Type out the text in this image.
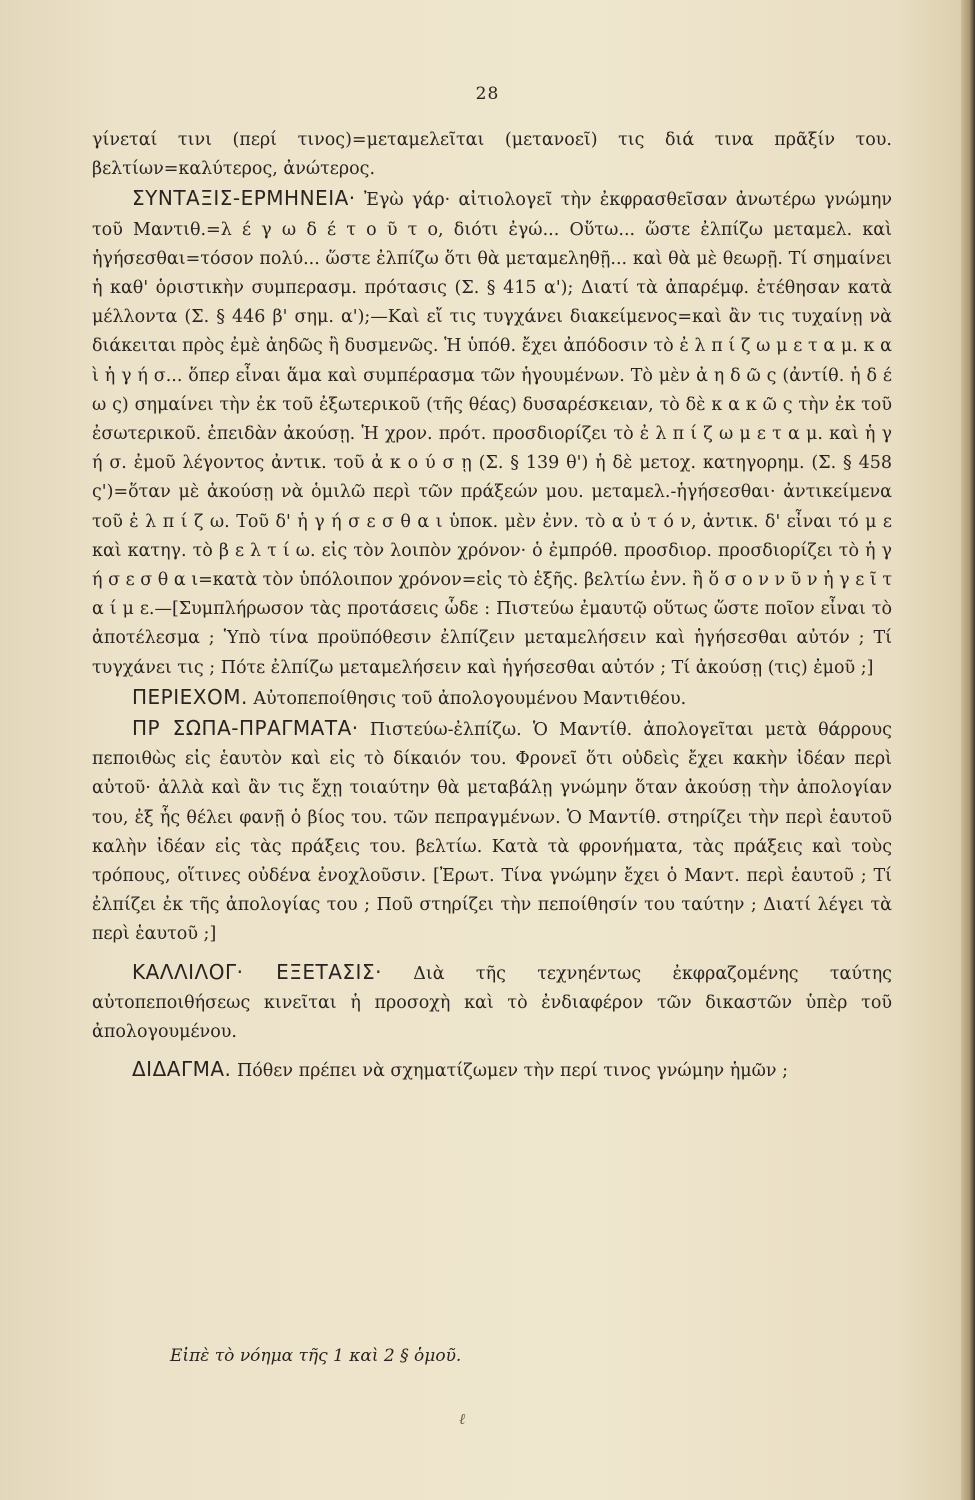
28

γίνεταί τινι (περί τινος)=μεταμελεῖται (μετανοεῖ) τις διά τινα πρᾶξίν του. βελτίων=καλύτερος, ἀνώτερος.

ΣΥΝΤΑΞΙΣ-ΕΡΜΗΝΕΙΑ· Ἐγὼ γάρ· αἰτιολογεῖ τὴν ἐκφρασθεῖσαν ἀνωτέρω γνώμην τοῦ Μαντιθ.=λ έ γ ω δ έ τ ο ῦ τ ο, διότι ἐγώ... Οὕτω... ὥστε ἐλπίζω μεταμελ. καὶ ἡγήσεσθαι=τόσον πολύ... ὥστε ἐλπίζω ὅτι θὰ μεταμεληθῇ... καὶ θὰ μὲ θεωρῇ. Τί σημαίνει ἡ καθ' ὁριστικὴν συμπερασμ. πρότασις (Σ. § 415 α'); Διατί τὰ ἀπαρέμφ. ἐτέθησαν κατὰ μέλλοντα (Σ. § 446 β' σημ. α');—Καὶ εἴ τις τυγχάνει διακείμενος=καὶ ἂν τις τυχαίνῃ νὰ διάκειται πρὸς ἐμὲ ἀηδῶς ἢ δυσμενῶς. Ἡ ὑπόθ. ἔχει ἀπόδοσιν τὸ ἐ λ π ί ζ ω μ ε τ α μ. κ α ὶ ἡ γ ή σ... ὅπερ εἶναι ἅμα καὶ συμπέρασμα τῶν ἡγουμένων. Τὸ μὲν ἀ η δ ῶ ς (ἀντίθ. ἡ δ έ ω ς) σημαίνει τὴν ἐκ τοῦ ἐξωτερικοῦ (τῆς θέας) δυσαρέσκειαν, τὸ δὲ κ α κ ῶ ς τὴν ἐκ τοῦ ἐσωτερικοῦ. ἐπειδὰν ἀκούσῃ. Ἡ χρον. πρότ. προσδιορίζει τὸ ἐ λ π ί ζ ω μ ε τ α μ. καὶ ἡ γ ή σ. ἐμοῦ λέγοντος ἀντικ. τοῦ ἀ κ ο ύ σ ῃ (Σ. § 139 θ') ἡ δὲ μετοχ. κατηγορημ. (Σ. § 458 ς')=ὅταν μὲ ἀκούσῃ νὰ ὁμιλῶ περὶ τῶν πράξεών μου. μεταμελ.-ἡγήσεσθαι· ἀντικείμενα τοῦ ἐ λ π ί ζ ω. Τοῦ δ' ἡ γ ή σ ε σ θ α ι ὑποκ. μὲν ἐνν. τὸ α ὐ τ ό ν, ἀντικ. δ' εἶναι τό μ ε καὶ κατηγ. τὸ β ε λ τ ί ω. εἰς τὸν λοιπὸν χρόνον· ὁ ἐμπρόθ. προσδιορ. προσδιορίζει τὸ ἡ γ ή σ ε σ θ α ι=κατὰ τὸν ὑπόλοιπον χρόνον=εἰς τὸ ἑξῆς. βελτίω ἐνν. ἢ ὅ σ ο ν ν ῦ ν ἡ γ ε ῖ τ α ί μ ε.—[Συμπλήρωσον τὰς προτάσεις ὧδε : Πιστεύω ἐμαυτῷ οὕτως ὥστε ποῖον εἶναι τὸ ἀποτέλεσμα ; Ὑπὸ τίνα προϋπόθεσιν ἐλπίζειν μεταμελήσειν καὶ ἡγήσεσθαι αὐτόν ; Τί τυγχάνει τις ; Πότε ἐλπίζω μεταμελήσειν καὶ ἡγήσεσθαι αὐτόν ; Τί ἀκούσῃ (τις) ἐμοῦ ;]

ΠΕΡΙΕΧΟΜ. Αὐτοπεποίθησις τοῦ ἀπολογουμένου Μαντιθέου.

ΠΡ ΣΩΠΑ-ΠΡΑΓΜΑΤΑ· Πιστεύω-ἐλπίζω. Ὁ Μαντίθ. ἀπολογεῖται μετὰ θάρρους πεποιθὼς εἰς ἑαυτὸν καὶ εἰς τὸ δίκαιόν του. Φρονεῖ ὅτι οὐδεὶς ἔχει κακὴν ἰδέαν περὶ αὐτοῦ· ἀλλὰ καὶ ἂν τις ἔχῃ τοιαύτην θὰ μεταβάλῃ γνώμην ὅταν ἀκούσῃ τὴν ἀπολογίαν του, ἐξ ἧς θέλει φανῇ ὁ βίος του. τῶν πεπραγμένων. Ὁ Μαντίθ. στηρίζει τὴν περὶ ἑαυτοῦ καλὴν ἰδέαν εἰς τὰς πράξεις του. βελτίω. Κατὰ τὰ φρονήματα, τὰς πράξεις καὶ τοὺς τρόπους, οἵτινες οὐδένα ἐνοχλοῦσιν. [Ἐρωτ. Τίνα γνώμην ἔχει ὁ Μαντ. περὶ ἑαυτοῦ ; Τί ἐλπίζει ἐκ τῆς ἀπολογίας του ; Ποῦ στηρίζει τὴν πεποίθησίν του ταύτην ; Διατί λέγει τὰ περὶ ἑαυτοῦ ;]

ΚΑΛΛΙΛΟΓ· ΕΞΕΤΑΣΙΣ· Διὰ τῆς τεχνηέντως ἐκφραζομένης ταύτης αὐτοπεποιθήσεως κινεῖται ἡ προσοχὴ καὶ τὸ ἐνδιαφέρον τῶν δικαστῶν ὑπὲρ τοῦ ἀπολογουμένου.

ΔΙΔΑΓΜΑ. Πόθεν πρέπει νὰ σχηματίζωμεν τὴν περί τινος γνώμην ἡμῶν ;

Εἰπὲ τὸ νόημα τῆς 1 καὶ 2 § ὁμοῦ.
ℓ
